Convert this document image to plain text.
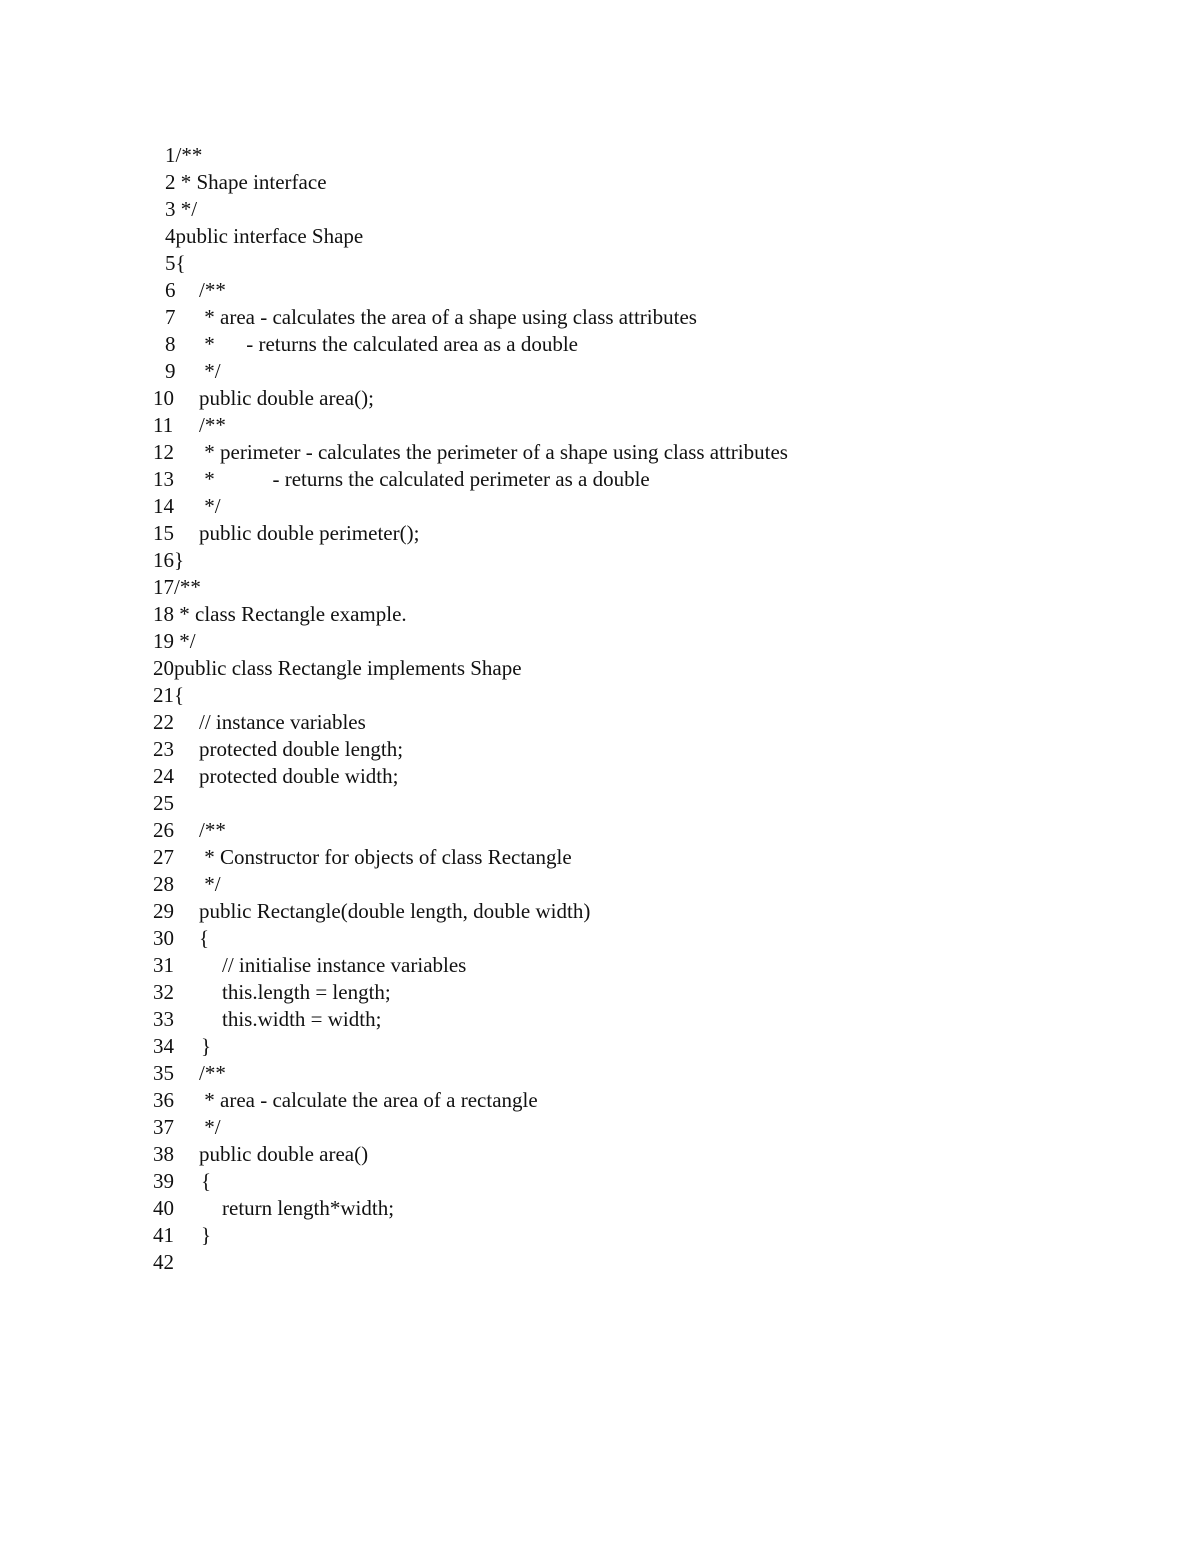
1/**
2 * Shape interface
3 */
4public interface Shape
5{
6 /**
7 * area - calculates the area of a shape using class attributes
8 *      - returns the calculated area as a double
9 */
10 public double area();
11 /**
12 * perimeter - calculates the perimeter of a shape using class attributes
13 *           - returns the calculated perimeter as a double
14 */
15 public double perimeter();
16}
17/**
18 * class Rectangle example.
19 */
20public class Rectangle implements Shape
21{
22 // instance variables
23 protected double length;
24 protected double width;
25
26 /**
27 * Constructor for objects of class Rectangle
28 */
29 public Rectangle(double length, double width)
30 {
31 // initialise instance variables
32 this.length = length;
33 this.width = width;
34 }
35 /**
36 * area - calculate the area of a rectangle
37 */
38 public double area()
39 {
40 return length*width;
41 }
42
